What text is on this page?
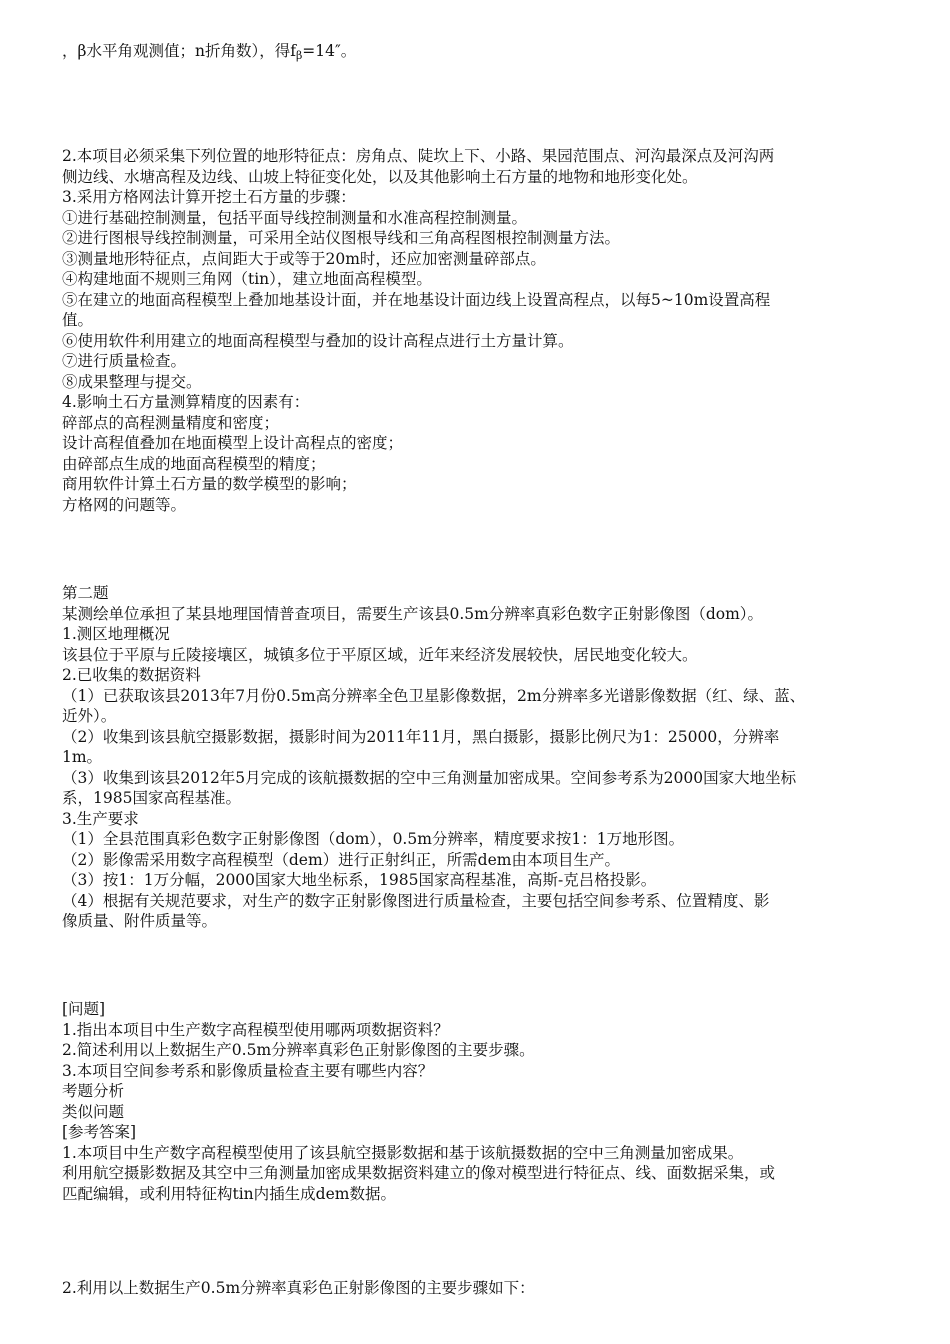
，β水平角观测值；n折角数），得$f_\beta=14''$。
2.本项目必须采集下列位置的地形特征点：房角点、陡坎上下、小路、果园范围点、河沟最深点及河沟两
侧边线、水塘高程及边线、山坡上特征变化处，以及其他影响土石方量的地物和地形变化处。
3.采用方格网法计算开挖土石方量的步骤：
①进行基础控制测量，包括平面导线控制测量和水准高程控制测量。
②进行图根导线控制测量，可采用全站仪图根导线和三角高程图根控制测量方法。
③测量地形特征点，点间距大于或等于20m时，还应加密测量碎部点。
④构建地面不规则三角网（tin），建立地面高程模型。
⑤在建立的地面高程模型上叠加地基设计面，并在地基设计面边线上设置高程点，以每5~10m设置高程
值。
⑥使用软件利用建立的地面高程模型与叠加的设计高程点进行土方量计算。
⑦进行质量检查。
⑧成果整理与提交。
4.影响土石方量测算精度的因素有：
碎部点的高程测量精度和密度；
设计高程值叠加在地面模型上设计高程点的密度；
由碎部点生成的地面高程模型的精度；
商用软件计算土石方量的数学模型的影响；
方格网的问题等。
第二题
某测绘单位承担了某县地理国情普查项目，需要生产该县0.5m分辨率真彩色数字正射影像图（dom）。
1.测区地理概况
该县位于平原与丘陵接壤区，城镇多位于平原区域，近年来经济发展较快，居民地变化较大。
2.已收集的数据资料
（1）已获取该县2013年7月份0.5m高分辨率全色卫星影像数据，2m分辨率多光谱影像数据（红、绿、蓝、
近外）。
（2）收集到该县航空摄影数据，摄影时间为2011年11月，黑白摄影，摄影比例尺为1：25000，分辨率
1m。
（3）收集到该县2012年5月完成的该航摄数据的空中三角测量加密成果。空间参考系为2000国家大地坐标
系，1985国家高程基准。
3.生产要求
（1）全县范围真彩色数字正射影像图（dom），0.5m分辨率，精度要求按1：1万地形图。
（2）影像需采用数字高程模型（dem）进行正射纠正，所需dem由本项目生产。
（3）按1：1万分幅，2000国家大地坐标系，1985国家高程基准，高斯-克吕格投影。
（4）根据有关规范要求，对生产的数字正射影像图进行质量检查，主要包括空间参考系、位置精度、影
像质量、附件质量等。
[问题]
1.指出本项目中生产数字高程模型使用哪两项数据资料？
2.简述利用以上数据生产0.5m分辨率真彩色正射影像图的主要步骤。
3.本项目空间参考系和影像质量检查主要有哪些内容？
考题分析
类似问题
[参考答案]
1.本项目中生产数字高程模型使用了该县航空摄影数据和基于该航摄数据的空中三角测量加密成果。
利用航空摄影数据及其空中三角测量加密成果数据资料建立的像对模型进行特征点、线、面数据采集，或
匹配编辑，或利用特征构tin内插生成dem数据。
2.利用以上数据生产0.5m分辨率真彩色正射影像图的主要步骤如下：
